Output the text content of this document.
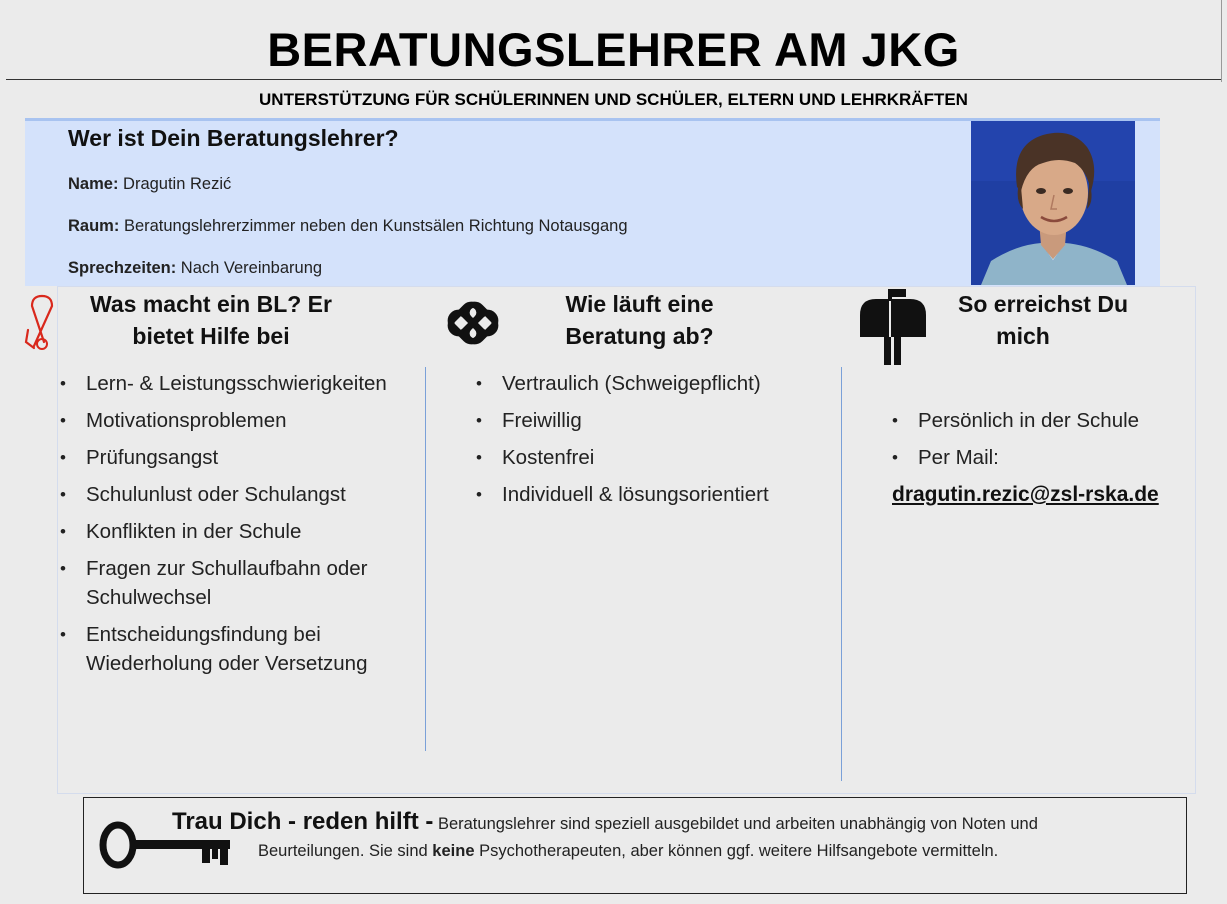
BERATUNGSLEHRER AM JKG
UNTERSTÜTZUNG FÜR SCHÜLERINNEN UND SCHÜLER, ELTERN UND LEHRKRÄFTEN
Wer ist Dein Beratungslehrer?
Name: Dragutin Rezić
Raum: Beratungslehrerzimmer neben den Kunstsälen Richtung Notausgang
Sprechzeiten: Nach Vereinbarung
Was macht ein BL? Er bietet Hilfe bei
• Lern- & Leistungsschwierigkeiten
• Motivationsproblemen
• Prüfungsangst
• Schulunlust oder Schulangst
• Konflikten in der Schule
• Fragen zur Schullaufbahn oder Schulwechsel
• Entscheidungsfindung bei Wiederholung oder Versetzung
Wie läuft eine Beratung ab?
• Vertraulich (Schweigepflicht)
• Freiwillig
• Kostenfrei
• Individuell & lösungsorientiert
So erreichst Du
mich
• Persönlich in der Schule
• Per Mail:
dragutin.rezic@zsl-rska.de
Trau Dich - reden hilft - Beratungslehrer sind speziell ausgebildet und arbeiten unabhängig von Noten und
Beurteilungen. Sie sind keine Psychotherapeuten, aber können ggf. weitere Hilfsangebote vermitteln.
